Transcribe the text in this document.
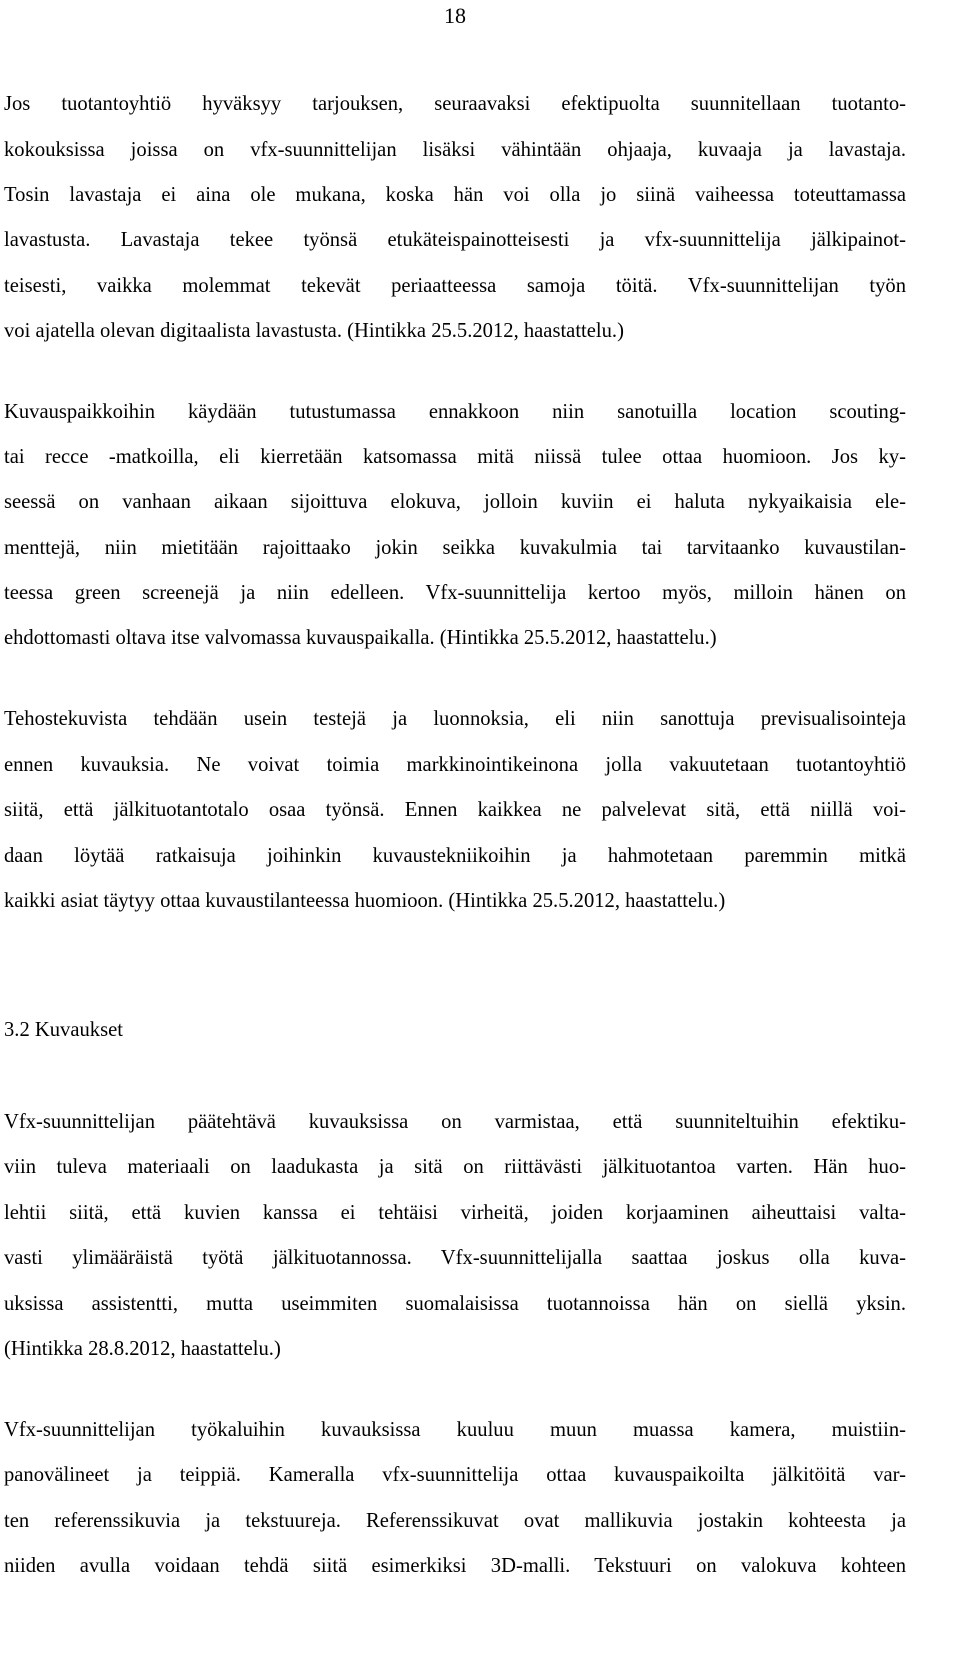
18
Jos tuotantoyhtiö hyväksyy tarjouksen, seuraavaksi efektipuolta suunnitellaan tuotanto-
kokouksissa joissa on vfx-suunnittelijan lisäksi vähintään ohjaaja, kuvaaja ja lavastaja.
Tosin lavastaja ei aina ole mukana, koska hän voi olla jo siinä vaiheessa toteuttamassa
lavastusta. Lavastaja tekee työnsä etukäteispainotteisesti ja vfx-suunnittelija jälkipainot-
teisesti, vaikka molemmat tekevät periaatteessa samoja töitä. Vfx-suunnittelijan työn
voi ajatella olevan digitaalista lavastusta. (Hintikka 25.5.2012, haastattelu.)
Kuvauspaikkoihin käydään tutustumassa ennakkoon niin sanotuilla location scouting-
tai recce -matkoilla, eli kierretään katsomassa mitä niissä tulee ottaa huomioon. Jos ky-
seessä on vanhaan aikaan sijoittuva elokuva, jolloin kuviin ei haluta nykyaikaisia ele-
menttejä, niin mietitään rajoittaako jokin seikka kuvakulmia tai tarvitaanko kuvaustilan-
teessa green screenejä ja niin edelleen. Vfx-suunnittelija kertoo myös, milloin hänen on
ehdottomasti oltava itse valvomassa kuvauspaikalla. (Hintikka 25.5.2012, haastattelu.)
Tehostekuvista tehdään usein testejä ja luonnoksia, eli niin sanottuja previsualisointeja
ennen kuvauksia. Ne voivat toimia markkinointikeinona jolla vakuutetaan tuotantoyhtiö
siitä, että jälkituotantotalo osaa työnsä. Ennen kaikkea ne palvelevat sitä, että niillä voi-
daan löytää ratkaisuja joihinkin kuvaustekniikoihin ja hahmotetaan paremmin mitkä
kaikki asiat täytyy ottaa kuvaustilanteessa huomioon. (Hintikka 25.5.2012, haastattelu.)
3.2 Kuvaukset
Vfx-suunnittelijan päätehtävä kuvauksissa on varmistaa, että suunniteltuihin efektiku-
viin tuleva materiaali on laadukasta ja sitä on riittävästi jälkituotantoa varten. Hän huo-
lehtii siitä, että kuvien kanssa ei tehtäisi virheitä, joiden korjaaminen aiheuttaisi valta-
vasti ylimääräistä työtä jälkituotannossa. Vfx-suunnittelijalla saattaa joskus olla kuva-
uksissa assistentti, mutta useimmiten suomalaisissa tuotannoissa hän on siellä yksin.
(Hintikka 28.8.2012, haastattelu.)
Vfx-suunnittelijan työkaluihin kuvauksissa kuuluu muun muassa kamera, muistiin-
panovälineet ja teippiä. Kameralla vfx-suunnittelija ottaa kuvauspaikoilta jälkitöitä var-
ten referenssikuvia ja tekstuureja. Referenssikuvat ovat mallikuvia jostakin kohteesta ja
niiden avulla voidaan tehdä siitä esimerkiksi 3D-malli. Tekstuuri on valokuva kohteen
